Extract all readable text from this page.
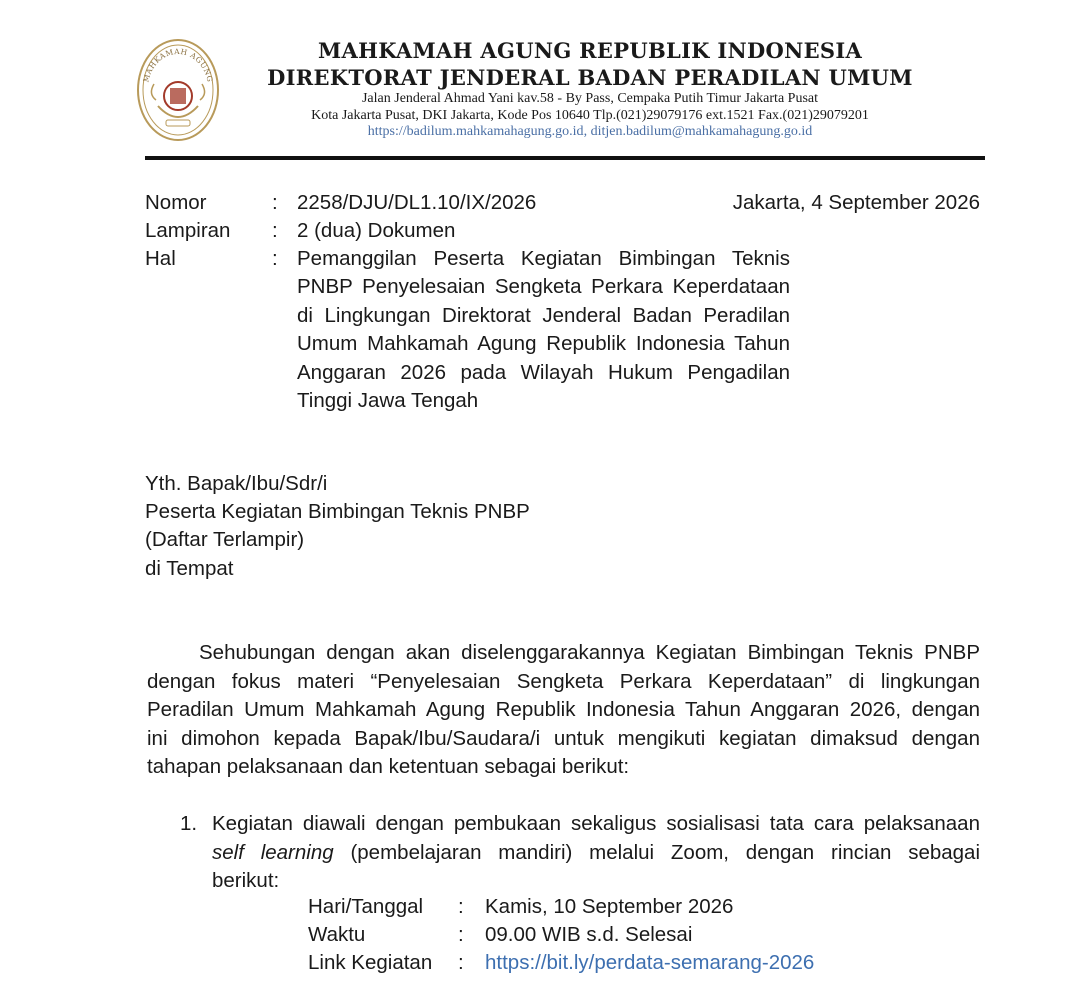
MAHKAMAH AGUNG
MAHKAMAH AGUNG REPUBLIK INDONESIA
DIREKTORAT JENDERAL BADAN PERADILAN UMUM
Jalan Jenderal Ahmad Yani kav.58 - By Pass, Cempaka Putih Timur Jakarta Pusat
Kota Jakarta Pusat, DKI Jakarta, Kode Pos 10640 Tlp.(021)29079176 ext.1521 Fax.(021)29079201
https://badilum.mahkamahagung.go.id, ditjen.badilum@mahkamahagung.go.id
Nomor	: 2258/DJU/DL1.10/IX/2026	Jakarta, 4 September 2026
Lampiran : 2 (dua) Dokumen
Hal	: Pemanggilan Peserta Kegiatan Bimbingan Teknis
PNBP Penyelesaian Sengketa Perkara Keperdataan
di Lingkungan Direktorat Jenderal Badan Peradilan
Umum Mahkamah Agung Republik Indonesia Tahun
Anggaran 2026 pada Wilayah Hukum Pengadilan
Tinggi Jawa Tengah
Yth. Bapak/Ibu/Sdr/i
Peserta Kegiatan Bimbingan Teknis PNBP
(Daftar Terlampir)
di Tempat
Sehubungan dengan akan diselenggarakannya Kegiatan Bimbingan Teknis PNBP
dengan fokus materi “Penyelesaian Sengketa Perkara Keperdataan” di lingkungan
Peradilan Umum Mahkamah Agung Republik Indonesia Tahun Anggaran 2026, dengan
ini dimohon kepada Bapak/Ibu/Saudara/i untuk mengikuti kegiatan dimaksud dengan
tahapan pelaksanaan dan ketentuan sebagai berikut:
1. Kegiatan diawali dengan pembukaan sekaligus sosialisasi tata cara pelaksanaan
self learning (pembelajaran mandiri) melalui Zoom, dengan rincian sebagai
berikut:
Hari/Tanggal : Kamis, 10 September 2026
Waktu	: 09.00 WIB s.d. Selesai
Link Kegiatan : https://bit.ly/perdata-semarang-2026
